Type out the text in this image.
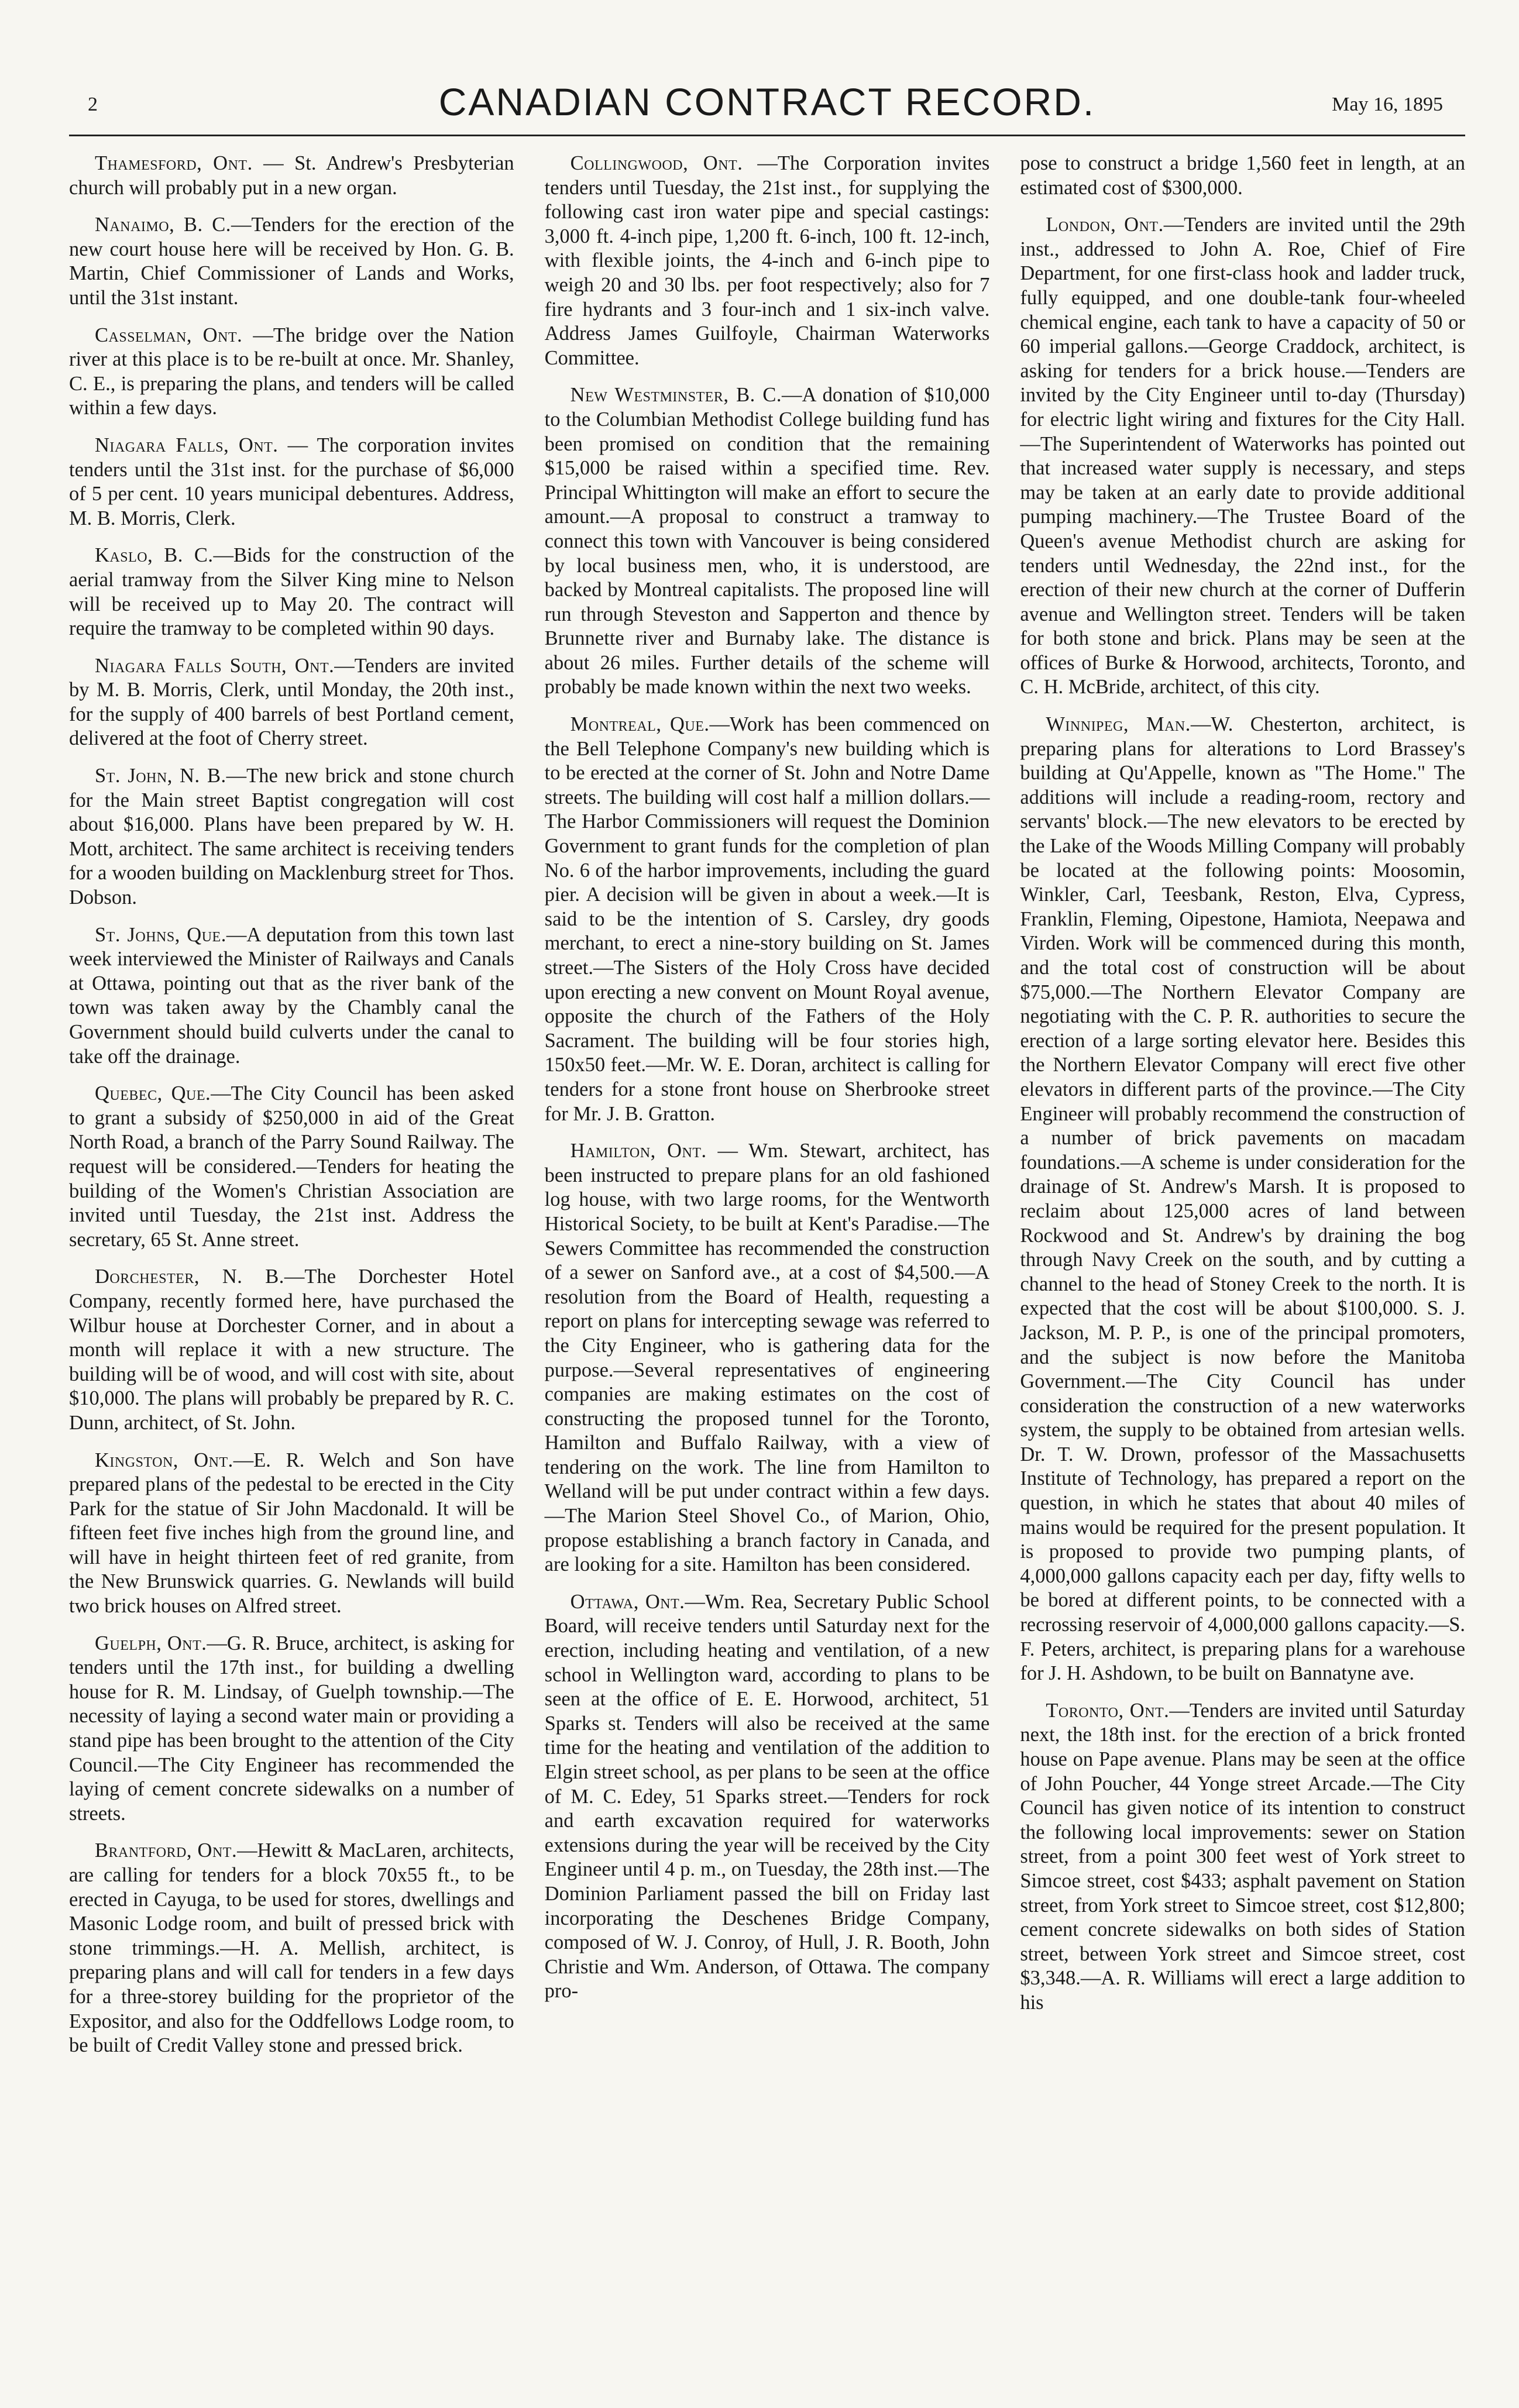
2	CANADIAN CONTRACT RECORD.	May 16, 1895

Thamesford, Ont. — St. Andrew's Presbyterian church will probably put in a new organ.

Nanaimo, B. C.—Tenders for the erection of the new court house here will be received by Hon. G. B. Martin, Chief Commissioner of Lands and Works, until the 31st instant.

Casselman, Ont. —The bridge over the Nation river at this place is to be re-built at once. Mr. Shanley, C. E., is preparing the plans, and tenders will be called within a few days.

Niagara Falls, Ont. — The corporation invites tenders until the 31st inst. for the purchase of $6,000 of 5 per cent. 10 years municipal debentures. Address, M. B. Morris, Clerk.

Kaslo, B. C.—Bids for the construction of the aerial tramway from the Silver King mine to Nelson will be received up to May 20. The contract will require the tramway to be completed within 90 days.

Niagara Falls South, Ont.—Tenders are invited by M. B. Morris, Clerk, until Monday, the 20th inst., for the supply of 400 barrels of best Portland cement, delivered at the foot of Cherry street.

St. John, N. B.—The new brick and stone church for the Main street Baptist congregation will cost about $16,000. Plans have been prepared by W. H. Mott, architect. The same architect is receiving tenders for a wooden building on Macklenburg street for Thos. Dobson.

St. Johns, Que.—A deputation from this town last week interviewed the Minister of Railways and Canals at Ottawa, pointing out that as the river bank of the town was taken away by the Chambly canal the Government should build culverts under the canal to take off the drainage.

Quebec, Que.—The City Council has been asked to grant a subsidy of $250,000 in aid of the Great North Road, a branch of the Parry Sound Railway. The request will be considered.—Tenders for heating the building of the Women's Christian Association are invited until Tuesday, the 21st inst. Address the secretary, 65 St. Anne street.

Dorchester, N. B.—The Dorchester Hotel Company, recently formed here, have purchased the Wilbur house at Dorchester Corner, and in about a month will replace it with a new structure. The building will be of wood, and will cost with site, about $10,000. The plans will probably be prepared by R. C. Dunn, architect, of St. John.

Kingston, Ont.—E. R. Welch and Son have prepared plans of the pedestal to be erected in the City Park for the statue of Sir John Macdonald. It will be fifteen feet five inches high from the ground line, and will have in height thirteen feet of red granite, from the New Brunswick quarries. G. Newlands will build two brick houses on Alfred street.

Guelph, Ont.—G. R. Bruce, architect, is asking for tenders until the 17th inst., for building a dwelling house for R. M. Lindsay, of Guelph township.—The necessity of laying a second water main or providing a stand pipe has been brought to the attention of the City Council.—The City Engineer has recommended the laying of cement concrete sidewalks on a number of streets.

Brantford, Ont.—Hewitt & MacLaren, architects, are calling for tenders for a block 70x55 ft., to be erected in Cayuga, to be used for stores, dwellings and Masonic Lodge room, and built of pressed brick with stone trimmings.—H. A. Mellish, architect, is preparing plans and will call for tenders in a few days for a three-storey building for the proprietor of the Expositor, and also for the Oddfellows Lodge room, to be built of Credit Valley stone and pressed brick.

Collingwood, Ont. —The Corporation invites tenders until Tuesday, the 21st inst., for supplying the following cast iron water pipe and special castings: 3,000 ft. 4-inch pipe, 1,200 ft. 6-inch, 100 ft. 12-inch, with flexible joints, the 4-inch and 6-inch pipe to weigh 20 and 30 lbs. per foot respectively; also for 7 fire hydrants and 3 four-inch and 1 six-inch valve. Address James Guilfoyle, Chairman Waterworks Committee.

New Westminster, B. C.—A donation of $10,000 to the Columbian Methodist College building fund has been promised on condition that the remaining $15,000 be raised within a specified time. Rev. Principal Whittington will make an effort to secure the amount.—A proposal to construct a tramway to connect this town with Vancouver is being considered by local business men, who, it is understood, are backed by Montreal capitalists. The proposed line will run through Steveston and Sapperton and thence by Brunnette river and Burnaby lake. The distance is about 26 miles. Further details of the scheme will probably be made known within the next two weeks.

Montreal, Que.—Work has been commenced on the Bell Telephone Company's new building which is to be erected at the corner of St. John and Notre Dame streets. The building will cost half a million dollars.—The Harbor Commissioners will request the Dominion Government to grant funds for the completion of plan No. 6 of the harbor improvements, including the guard pier. A decision will be given in about a week.—It is said to be the intention of S. Carsley, dry goods merchant, to erect a nine-story building on St. James street.—The Sisters of the Holy Cross have decided upon erecting a new convent on Mount Royal avenue, opposite the church of the Fathers of the Holy Sacrament. The building will be four stories high, 150x50 feet.—Mr. W. E. Doran, architect is calling for tenders for a stone front house on Sherbrooke street for Mr. J. B. Gratton.

Hamilton, Ont. — Wm. Stewart, architect, has been instructed to prepare plans for an old fashioned log house, with two large rooms, for the Wentworth Historical Society, to be built at Kent's Paradise.—The Sewers Committee has recommended the construction of a sewer on Sanford ave., at a cost of $4,500.—A resolution from the Board of Health, requesting a report on plans for intercepting sewage was referred to the City Engineer, who is gathering data for the purpose.—Several representatives of engineering companies are making estimates on the cost of constructing the proposed tunnel for the Toronto, Hamilton and Buffalo Railway, with a view of tendering on the work. The line from Hamilton to Welland will be put under contract within a few days.—The Marion Steel Shovel Co., of Marion, Ohio, propose establishing a branch factory in Canada, and are looking for a site. Hamilton has been considered.

Ottawa, Ont.—Wm. Rea, Secretary Public School Board, will receive tenders until Saturday next for the erection, including heating and ventilation, of a new school in Wellington ward, according to plans to be seen at the office of E. E. Horwood, architect, 51 Sparks st. Tenders will also be received at the same time for the heating and ventilation of the addition to Elgin street school, as per plans to be seen at the office of M. C. Edey, 51 Sparks street.—Tenders for rock and earth excavation required for waterworks extensions during the year will be received by the City Engineer until 4 p. m., on Tuesday, the 28th inst.—The Dominion Parliament passed the bill on Friday last incorporating the Deschenes Bridge Company, composed of W. J. Conroy, of Hull, J. R. Booth, John Christie and Wm. Anderson, of Ottawa. The company pro-

pose to construct a bridge 1,560 feet in length, at an estimated cost of $300,000.

London, Ont.—Tenders are invited until the 29th inst., addressed to John A. Roe, Chief of Fire Department, for one first-class hook and ladder truck, fully equipped, and one double-tank four-wheeled chemical engine, each tank to have a capacity of 50 or 60 imperial gallons.—George Craddock, architect, is asking for tenders for a brick house.—Tenders are invited by the City Engineer until to-day (Thursday) for electric light wiring and fixtures for the City Hall.—The Superintendent of Waterworks has pointed out that increased water supply is necessary, and steps may be taken at an early date to provide additional pumping machinery.—The Trustee Board of the Queen's avenue Methodist church are asking for tenders until Wednesday, the 22nd inst., for the erection of their new church at the corner of Dufferin avenue and Wellington street. Tenders will be taken for both stone and brick. Plans may be seen at the offices of Burke & Horwood, architects, Toronto, and C. H. McBride, architect, of this city.

Winnipeg, Man.—W. Chesterton, architect, is preparing plans for alterations to Lord Brassey's building at Qu'Appelle, known as "The Home." The additions will include a reading-room, rectory and servants' block.—The new elevators to be erected by the Lake of the Woods Milling Company will probably be located at the following points: Moosomin, Winkler, Carl, Teesbank, Reston, Elva, Cypress, Franklin, Fleming, Oipestone, Hamiota, Neepawa and Virden. Work will be commenced during this month, and the total cost of construction will be about $75,000.—The Northern Elevator Company are negotiating with the C. P. R. authorities to secure the erection of a large sorting elevator here. Besides this the Northern Elevator Company will erect five other elevators in different parts of the province.—The City Engineer will probably recommend the construction of a number of brick pavements on macadam foundations.—A scheme is under consideration for the drainage of St. Andrew's Marsh. It is proposed to reclaim about 125,000 acres of land between Rockwood and St. Andrew's by draining the bog through Navy Creek on the south, and by cutting a channel to the head of Stoney Creek to the north. It is expected that the cost will be about $100,000. S. J. Jackson, M. P. P., is one of the principal promoters, and the subject is now before the Manitoba Government.—The City Council has under consideration the construction of a new waterworks system, the supply to be obtained from artesian wells. Dr. T. W. Drown, professor of the Massachusetts Institute of Technology, has prepared a report on the question, in which he states that about 40 miles of mains would be required for the present population. It is proposed to provide two pumping plants, of 4,000,000 gallons capacity each per day, fifty wells to be bored at different points, to be connected with a recrossing reservoir of 4,000,000 gallons capacity.—S. F. Peters, architect, is preparing plans for a warehouse for J. H. Ashdown, to be built on Bannatyne ave.

Toronto, Ont.—Tenders are invited until Saturday next, the 18th inst. for the erection of a brick fronted house on Pape avenue. Plans may be seen at the office of John Poucher, 44 Yonge street Arcade.—The City Council has given notice of its intention to construct the following local improvements: sewer on Station street, from a point 300 feet west of York street to Simcoe street, cost $433; asphalt pavement on Station street, from York street to Simcoe street, cost $12,800; cement concrete sidewalks on both sides of Station street, between York street and Simcoe street, cost $3,348.—A. R. Williams will erect a large addition to his
